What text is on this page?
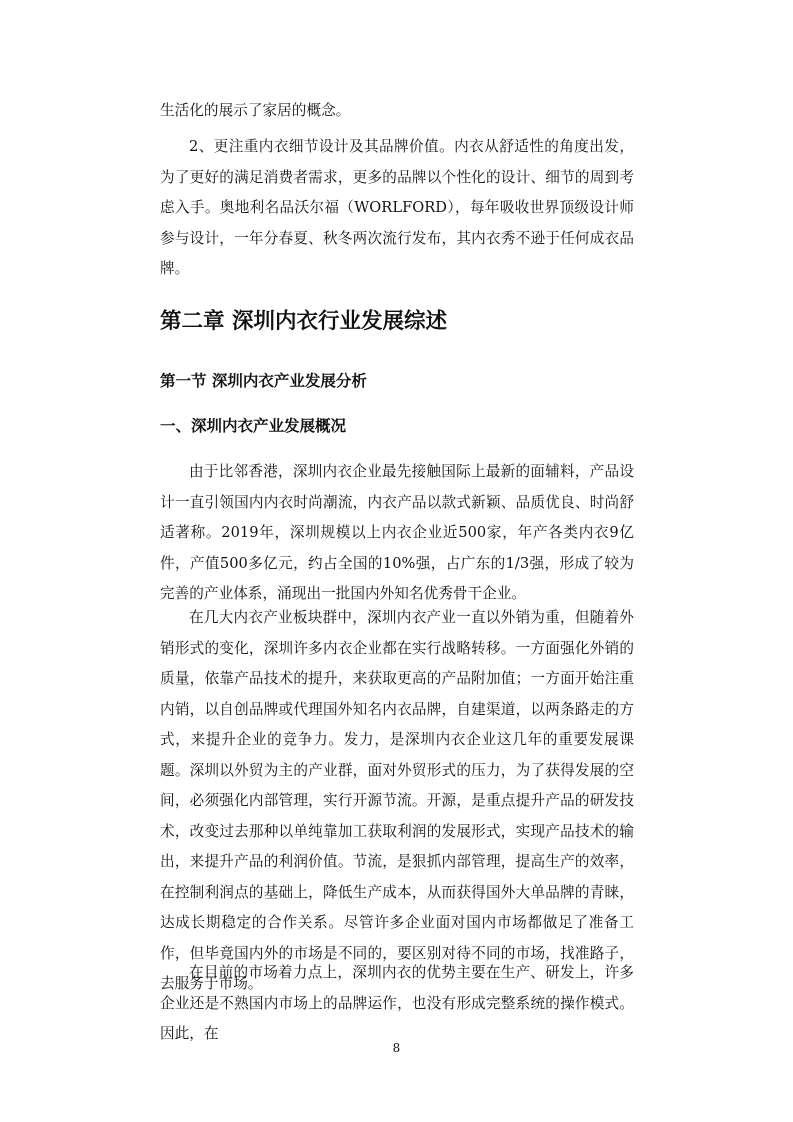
生活化的展示了家居的概念。

2、更注重内衣细节设计及其品牌价值。内衣从舒适性的角度出发，为了更好的满足消费者需求，更多的品牌以个性化的设计、细节的周到考虑入手。奥地利名品沃尔福（WORLFORD），每年吸收世界顶级设计师参与设计，一年分春夏、秋冬两次流行发布，其内衣秀不逊于任何成衣品牌。

第二章 深圳内衣行业发展综述
第一节 深圳内衣产业发展分析
一、深圳内衣产业发展概况

由于比邻香港，深圳内衣企业最先接触国际上最新的面辅料，产品设计一直引领国内内衣时尚潮流，内衣产品以款式新颖、品质优良、时尚舒适著称。2019年，深圳规模以上内衣企业近500家，年产各类内衣9亿件，产值500多亿元，约占全国的10%强，占广东的1/3强，形成了较为完善的产业体系，涌现出一批国内外知名优秀骨干企业。

在几大内衣产业板块群中，深圳内衣产业一直以外销为重，但随着外销形式的变化，深圳许多内衣企业都在实行战略转移。一方面强化外销的质量，依靠产品技术的提升，来获取更高的产品附加值；一方面开始注重内销，以自创品牌或代理国外知名内衣品牌，自建渠道，以两条路走的方式，来提升企业的竞争力。发力，是深圳内衣企业这几年的重要发展课题。深圳以外贸为主的产业群，面对外贸形式的压力，为了获得发展的空间，必须强化内部管理，实行开源节流。开源，是重点提升产品的研发技术，改变过去那种以单纯靠加工获取利润的发展形式，实现产品技术的输出，来提升产品的利润价值。节流，是狠抓内部管理，提高生产的效率，在控制利润点的基础上，降低生产成本，从而获得国外大单品牌的青睐，达成长期稳定的合作关系。尽管许多企业面对国内市场都做足了准备工作，但毕竟国内外的市场是不同的，要区别对待不同的市场，找准路子，去服务于市场。

在目前的市场着力点上，深圳内衣的优势主要在生产、研发上，许多企业还是不熟国内市场上的品牌运作，也没有形成完整系统的操作模式。因此，在

8
